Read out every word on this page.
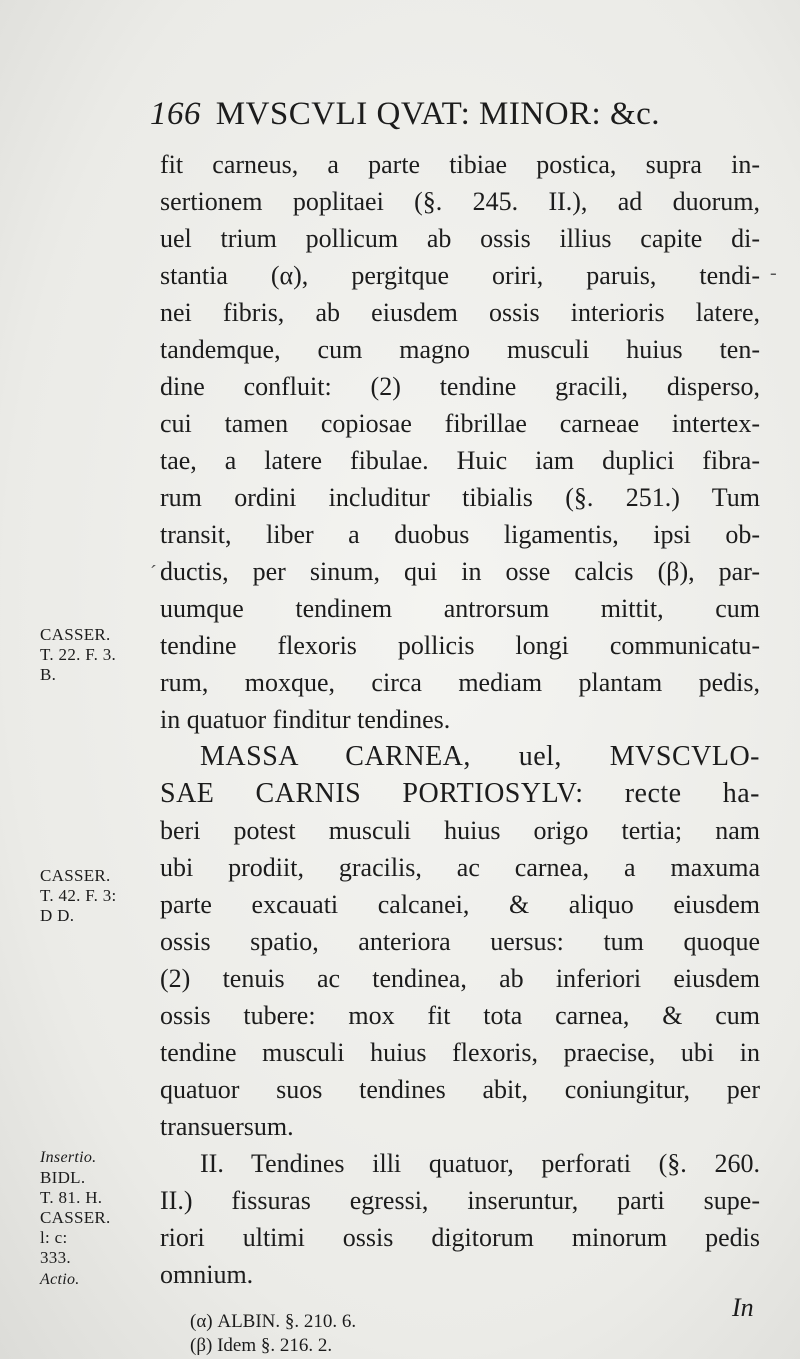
166 MVSCVLI QVAT: MINOR: &c.
fit carneus, a parte tibiae postica, supra in-
sertionem poplitaei (§. 245. II.), ad duorum,
uel trium pollicum ab ossis illius capite di-
stantia (α), pergitque oriri, paruis, tendi-
nei fibris, ab eiusdem ossis interioris latere,
tandemque, cum magno musculi huius ten-
dine confluit: (2) tendine gracili, disperso,
cui tamen copiosae fibrillae carneae intertex-
tae, a latere fibulae. Huic iam duplici fibra-
rum ordini includitur tibialis (§. 251.) Tum
transit, liber a duobus ligamentis, ipsi ob-
ductis, per sinum, qui in osse calcis (β), par-
uumque tendinem antrorsum mittit, cum
tendine flexoris pollicis longi communicatu-
rum, moxque, circa mediam plantam pedis,
in quatuor finditur tendines.
MASSA CARNEA, uel, MVSCVLO-
SAE CARNIS PORTIOSYLV: recte ha-
beri potest musculi huius origo tertia; nam
ubi prodiit, gracilis, ac carnea, a maxuma
parte excauati calcanei, & aliquo eiusdem
ossis spatio, anteriora uersus: tum quoque
(2) tenuis ac tendinea, ab inferiori eiusdem
ossis tubere: mox fit tota carnea, & cum
tendine musculi huius flexoris, praecise, ubi in
quatuor suos tendines abit, coniungitur, per
transuersum.
II. Tendines illi quatuor, perforati (§. 260.
II.) fissuras egressi, inseruntur, parti supe-
riori ultimi ossis digitorum minorum pedis
omnium.
CASSER.
T. 22. F. 3.
B.
CASSER.
T. 42. F. 3:
D D.
Insertio.
BIDL.
T. 81. H.
CASSER.
l: c:
333.
Actio.
In
(α) ALBIN. §. 210. 6.
(β) Idem §. 216. 2.
-
´
